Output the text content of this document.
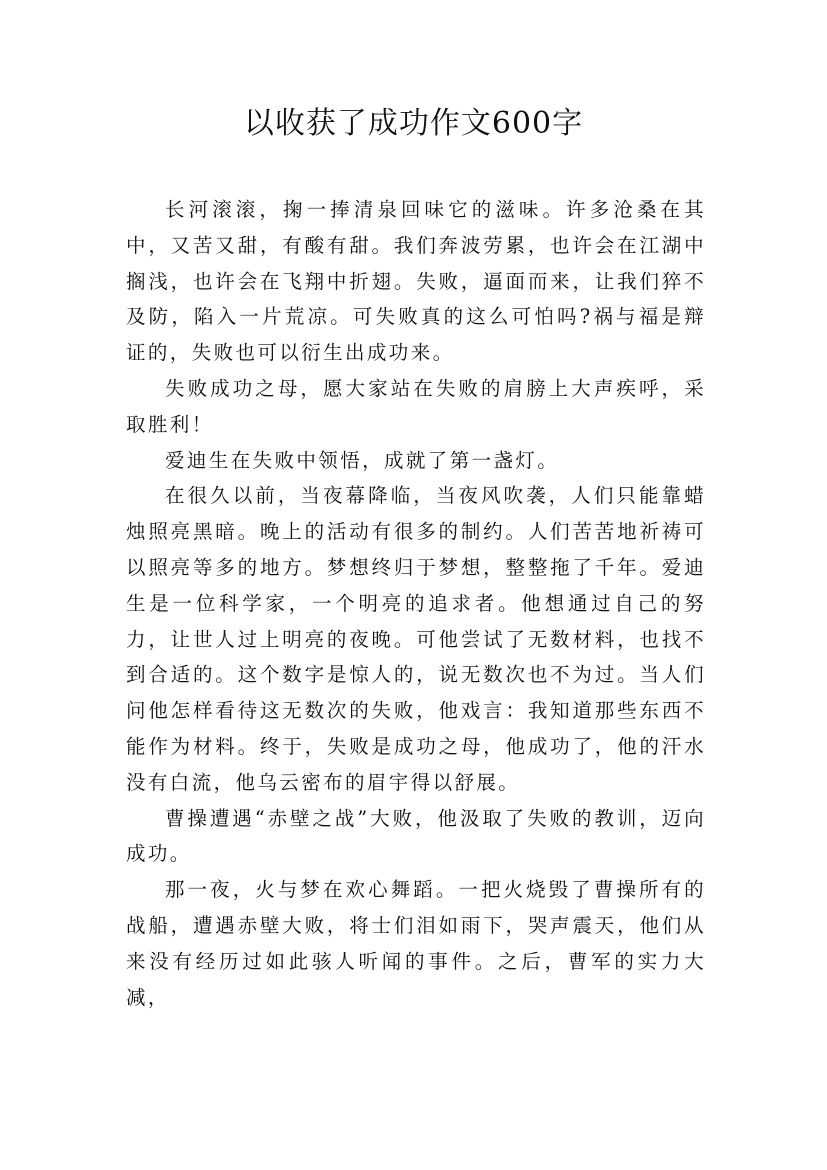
以收获了成功作文600字

长河滚滚，掬一捧清泉回味它的滋味。许多沧桑在其中，又苦又甜，有酸有甜。我们奔波劳累，也许会在江湖中搁浅，也许会在飞翔中折翅。失败，逼面而来，让我们猝不及防，陷入一片荒凉。可失败真的这么可怕吗?祸与福是辩证的，失败也可以衍生出成功来。

失败成功之母，愿大家站在失败的肩膀上大声疾呼，采取胜利！

爱迪生在失败中领悟，成就了第一盏灯。

在很久以前，当夜幕降临，当夜风吹袭，人们只能靠蜡烛照亮黑暗。晚上的活动有很多的制约。人们苦苦地祈祷可以照亮等多的地方。梦想终归于梦想，整整拖了千年。爱迪生是一位科学家，一个明亮的追求者。他想通过自己的努力，让世人过上明亮的夜晚。可他尝试了无数材料，也找不到合适的。这个数字是惊人的，说无数次也不为过。当人们问他怎样看待这无数次的失败，他戏言：我知道那些东西不能作为材料。终于，失败是成功之母，他成功了，他的汗水没有白流，他乌云密布的眉宇得以舒展。

曹操遭遇“赤壁之战”大败，他汲取了失败的教训，迈向成功。

那一夜，火与梦在欢心舞蹈。一把火烧毁了曹操所有的战船，遭遇赤壁大败，将士们泪如雨下，哭声震天，他们从来没有经历过如此骇人听闻的事件。之后，曹军的实力大减，
